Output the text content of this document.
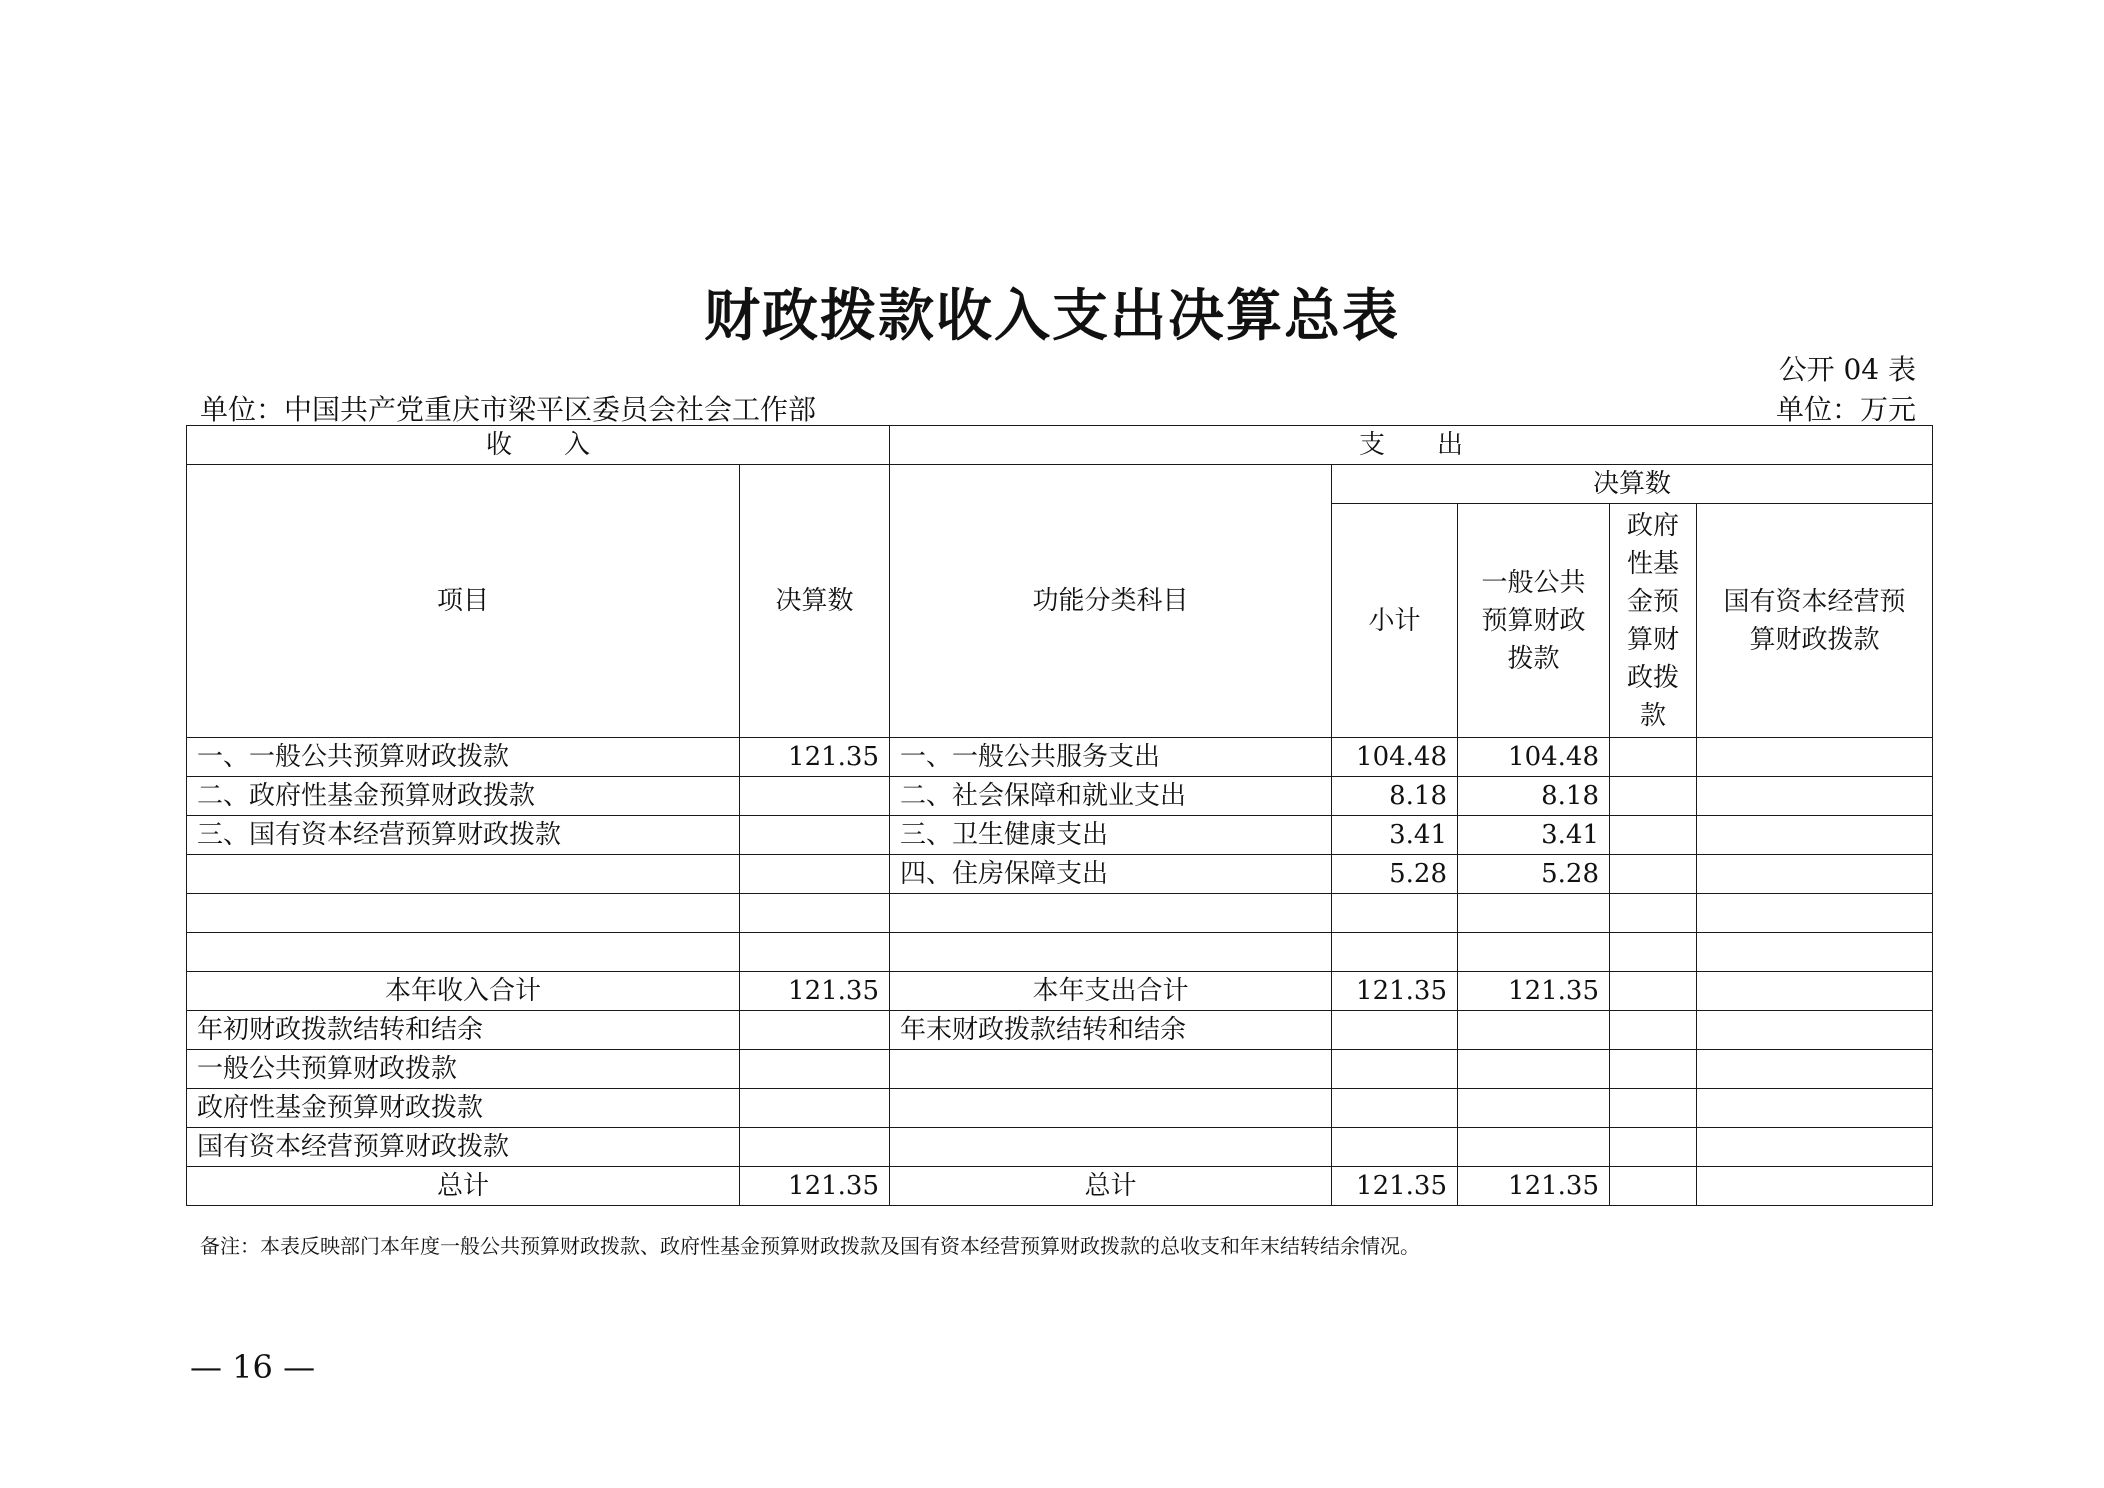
财政拨款收入支出决算总表
公开 04 表
单位：中国共产党重庆市梁平区委员会社会工作部	单位：万元
收　　入		支　　出				
项目	决算数	功能分类科目	决算数			
			小计	一般公共预算财政拨款	政府性基金预算财政拨款	国有资本经营预算财政拨款
一、一般公共预算财政拨款	121.35	一、一般公共服务支出	104.48	104.48		
二、政府性基金预算财政拨款		二、社会保障和就业支出	8.18	8.18		
三、国有资本经营预算财政拨款		三、卫生健康支出	3.41	3.41		
		四、住房保障支出	5.28	5.28		

本年收入合计	121.35	本年支出合计	121.35	121.35		
年初财政拨款结转和结余		年末财政拨款结转和结余				
一般公共预算财政拨款						
政府性基金预算财政拨款						
国有资本经营预算财政拨款						
总计	121.35	总计	121.35	121.35		
备注：本表反映部门本年度一般公共预算财政拨款、政府性基金预算财政拨款及国有资本经营预算财政拨款的总收支和年末结转结余情况。
— 16 —
